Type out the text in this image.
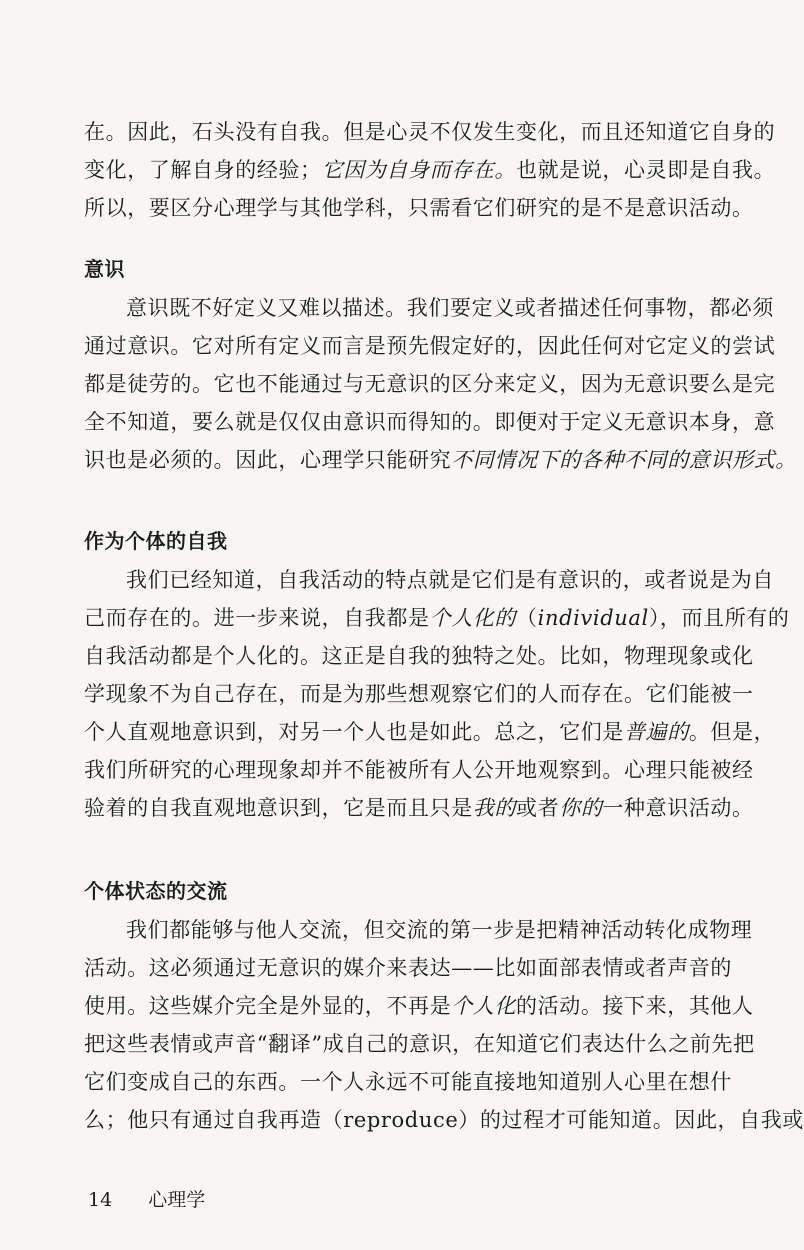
在。因此，石头没有自我。但是心灵不仅发生变化，而且还知道它自身的
变化，了解自身的经验；它因为自身而存在。也就是说，心灵即是自我。
所以，要区分心理学与其他学科，只需看它们研究的是不是意识活动。
意识
意识既不好定义又难以描述。我们要定义或者描述任何事物，都必须
通过意识。它对所有定义而言是预先假定好的，因此任何对它定义的尝试
都是徒劳的。它也不能通过与无意识的区分来定义，因为无意识要么是完
全不知道，要么就是仅仅由意识而得知的。即便对于定义无意识本身，意
识也是必须的。因此，心理学只能研究不同情况下的各种不同的意识形式。
作为个体的自我
我们已经知道，自我活动的特点就是它们是有意识的，或者说是为自
己而存在的。进一步来说，自我都是个人化的（individual），而且所有的
自我活动都是个人化的。这正是自我的独特之处。比如，物理现象或化
学现象不为自己存在，而是为那些想观察它们的人而存在。它们能被一
个人直观地意识到，对另一个人也是如此。总之，它们是普遍的。但是，
我们所研究的心理现象却并不能被所有人公开地观察到。心理只能被经
验着的自我直观地意识到，它是而且只是我的或者你的一种意识活动。
个体状态的交流
我们都能够与他人交流，但交流的第一步是把精神活动转化成物理
活动。这必须通过无意识的媒介来表达——比如面部表情或者声音的
使用。这些媒介完全是外显的，不再是个人化的活动。接下来，其他人
把这些表情或声音“翻译”成自己的意识，在知道它们表达什么之前先把
它们变成自己的东西。一个人永远不可能直接地知道别人心里在想什
么；他只有通过自我再造（reproduce）的过程才可能知道。因此，自我或
14 心理学
